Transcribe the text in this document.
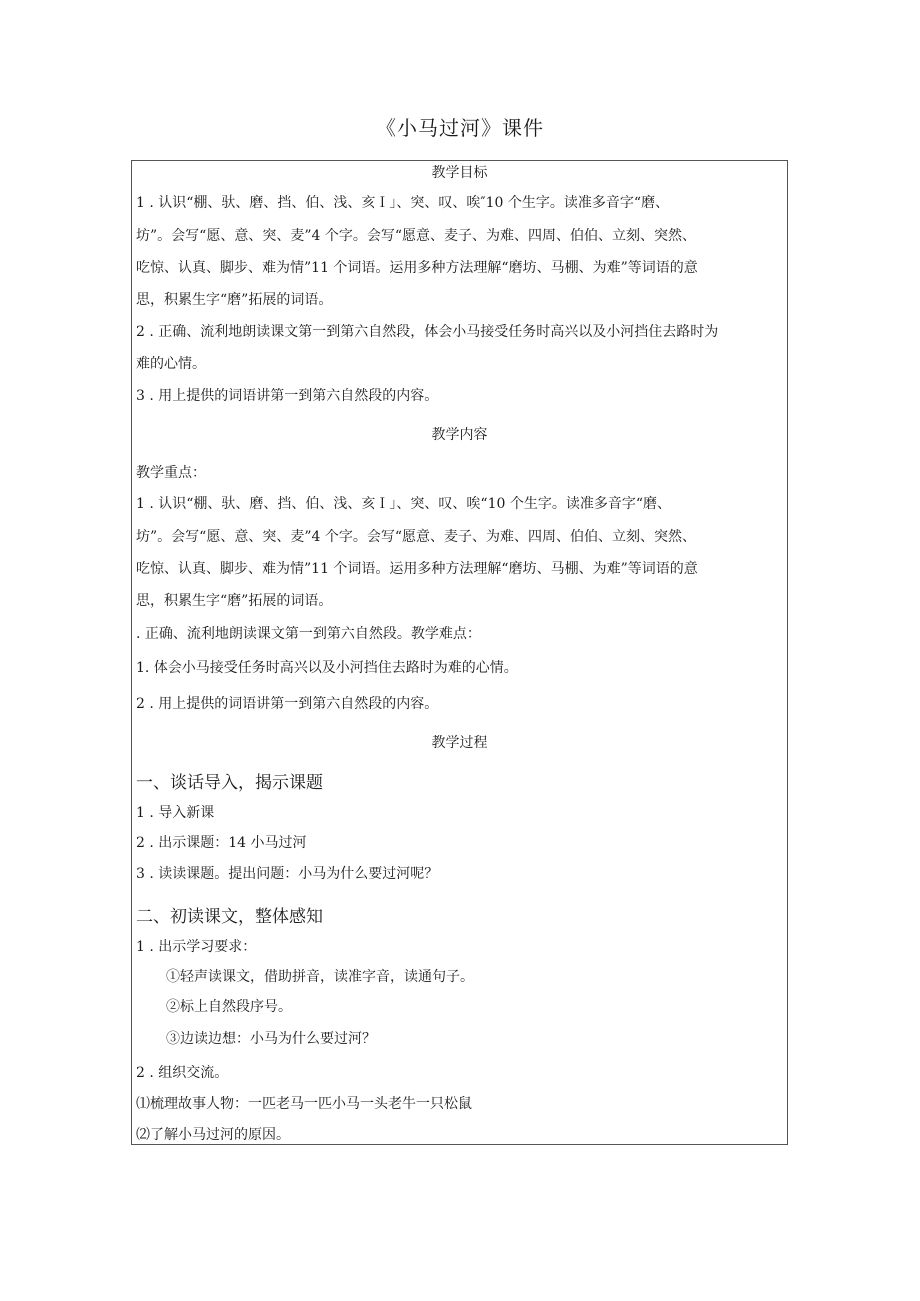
《小马过河》课件
教学目标
1 . 认识“棚、驮、磨、挡、伯、浅、亥Ｉ」、突、叹、唉″10 个生字。读准多音字“磨、
坊”。会写“愿、意、突、麦”4 个字。会写“愿意、麦子、为难、四周、伯伯、立刻、突然、
吃惊、认真、脚步、难为情”11 个词语。运用多种方法理解“磨坊、马棚、为难”等词语的意
思，积累生字“磨”拓展的词语。
2 . 正确、流利地朗读课文第一到第六自然段，体会小马接受任务时高兴以及小河挡住去路时为
难的心情。
3 . 用上提供的词语讲第一到第六自然段的内容。
教学内容
教学重点：
1 . 认识“棚、驮、磨、挡、伯、浅、亥Ｉ」、突、叹、唉“10 个生字。读准多音字“磨、
坊”。会写“愿、意、突、麦”4 个字。会写“愿意、麦子、为难、四周、伯伯、立刻、突然、
吃惊、认真、脚步、难为情”11 个词语。运用多种方法理解“磨坊、马棚、为难”等词语的意
思，积累生字“磨”拓展的词语。
. 正确、流利地朗读课文第一到第六自然段。教学难点：
1. 体会小马接受任务时高兴以及小河挡住去路时为难的心情。
2 . 用上提供的词语讲第一到第六自然段的内容。
教学过程
一、谈话导入，揭示课题
1 . 导入新课
2 . 出示课题：14 小马过河
3 . 读读课题。提出问题：小马为什么要过河呢？
二、初读课文，整体感知
1 . 出示学习要求：
①轻声读课文，借助拼音，读准字音，读通句子。
②标上自然段序号。
③边读边想：小马为什么要过河？
2 . 组织交流。
⑴梳理故事人物：一匹老马一匹小马一头老牛一只松鼠
⑵了解小马过河的原因。
